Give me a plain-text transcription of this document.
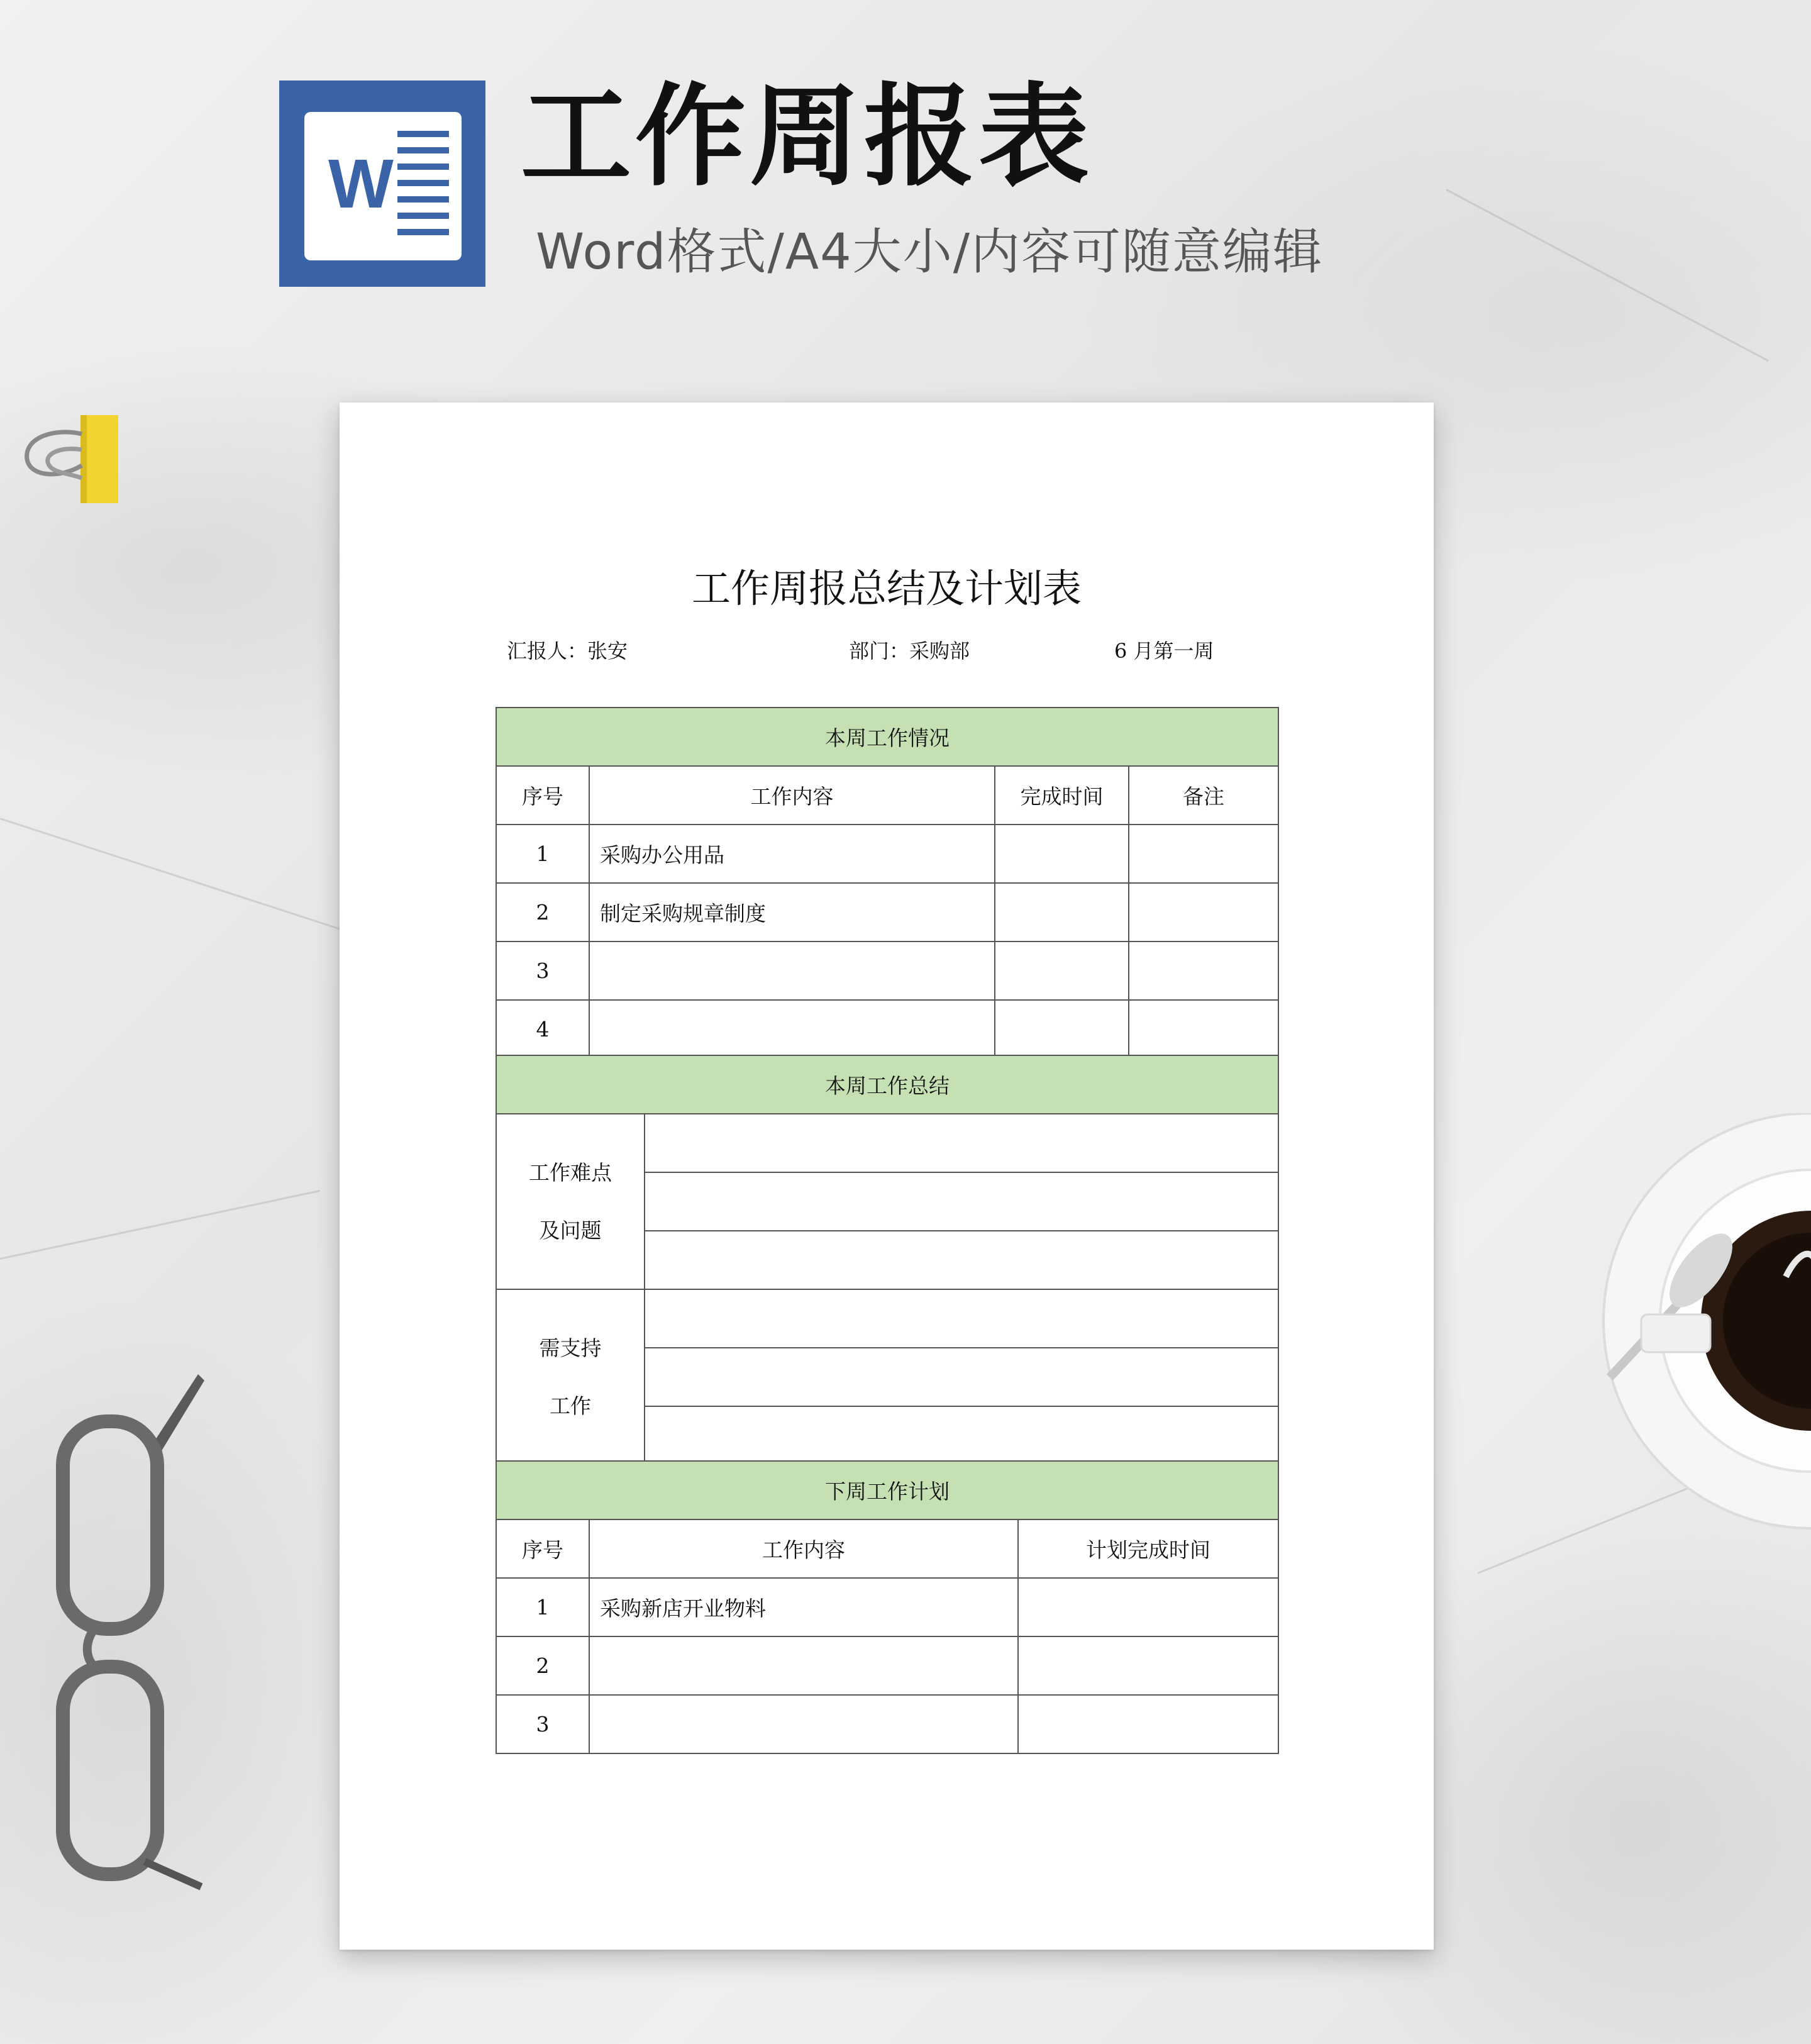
W 工作周报表
Word格式/A4大小/内容可随意编辑
工作周报总结及计划表
汇报人：张安	部门：采购部	6 月第一周
本周工作情况			
序号	工作内容	完成时间	备注
1	采购办公用品		
2	制定采购规章制度		
3			
4			
本周工作总结	

工作难点
及问题	

需支持
工作	

下周工作计划		
序号	工作内容	计划完成时间
1	采购新店开业物料	
2		
3		
